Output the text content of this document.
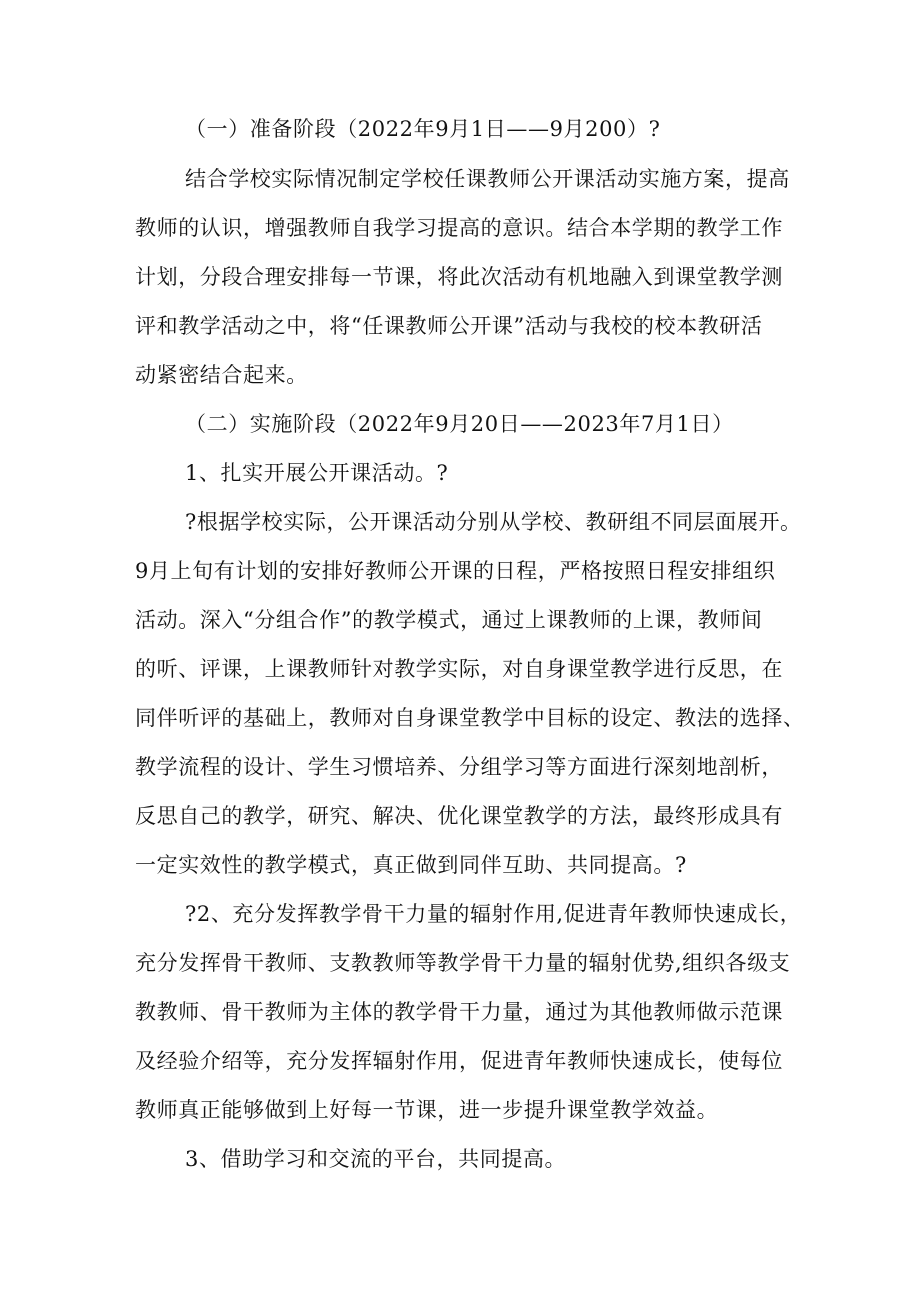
（一）准备阶段（2022年9月1日——9月200）?
结合学校实际情况制定学校任课教师公开课活动实施方案，提高
教师的认识，增强教师自我学习提高的意识。结合本学期的教学工作
计划，分段合理安排每一节课，将此次活动有机地融入到课堂教学测
评和教学活动之中，将“任课教师公开课”活动与我校的校本教研活
动紧密结合起来。
（二）实施阶段（2022年9月20日——2023年7月1日）
1、扎实开展公开课活动。?
?根据学校实际，公开课活动分别从学校、教研组不同层面展开。
9月上旬有计划的安排好教师公开课的日程，严格按照日程安排组织
活动。深入“分组合作”的教学模式，通过上课教师的上课，教师间
的听、评课，上课教师针对教学实际，对自身课堂教学进行反思，在
同伴听评的基础上，教师对自身课堂教学中目标的设定、教法的选择、
教学流程的设计、学生习惯培养、分组学习等方面进行深刻地剖析，
反思自己的教学，研究、解决、优化课堂教学的方法，最终形成具有
一定实效性的教学模式，真正做到同伴互助、共同提高。?
?2、充分发挥教学骨干力量的辐射作用,促进青年教师快速成长，
充分发挥骨干教师、支教教师等教学骨干力量的辐射优势,组织各级支
教教师、骨干教师为主体的教学骨干力量，通过为其他教师做示范课
及经验介绍等，充分发挥辐射作用，促进青年教师快速成长，使每位
教师真正能够做到上好每一节课，进一步提升课堂教学效益。
3、借助学习和交流的平台，共同提高。
